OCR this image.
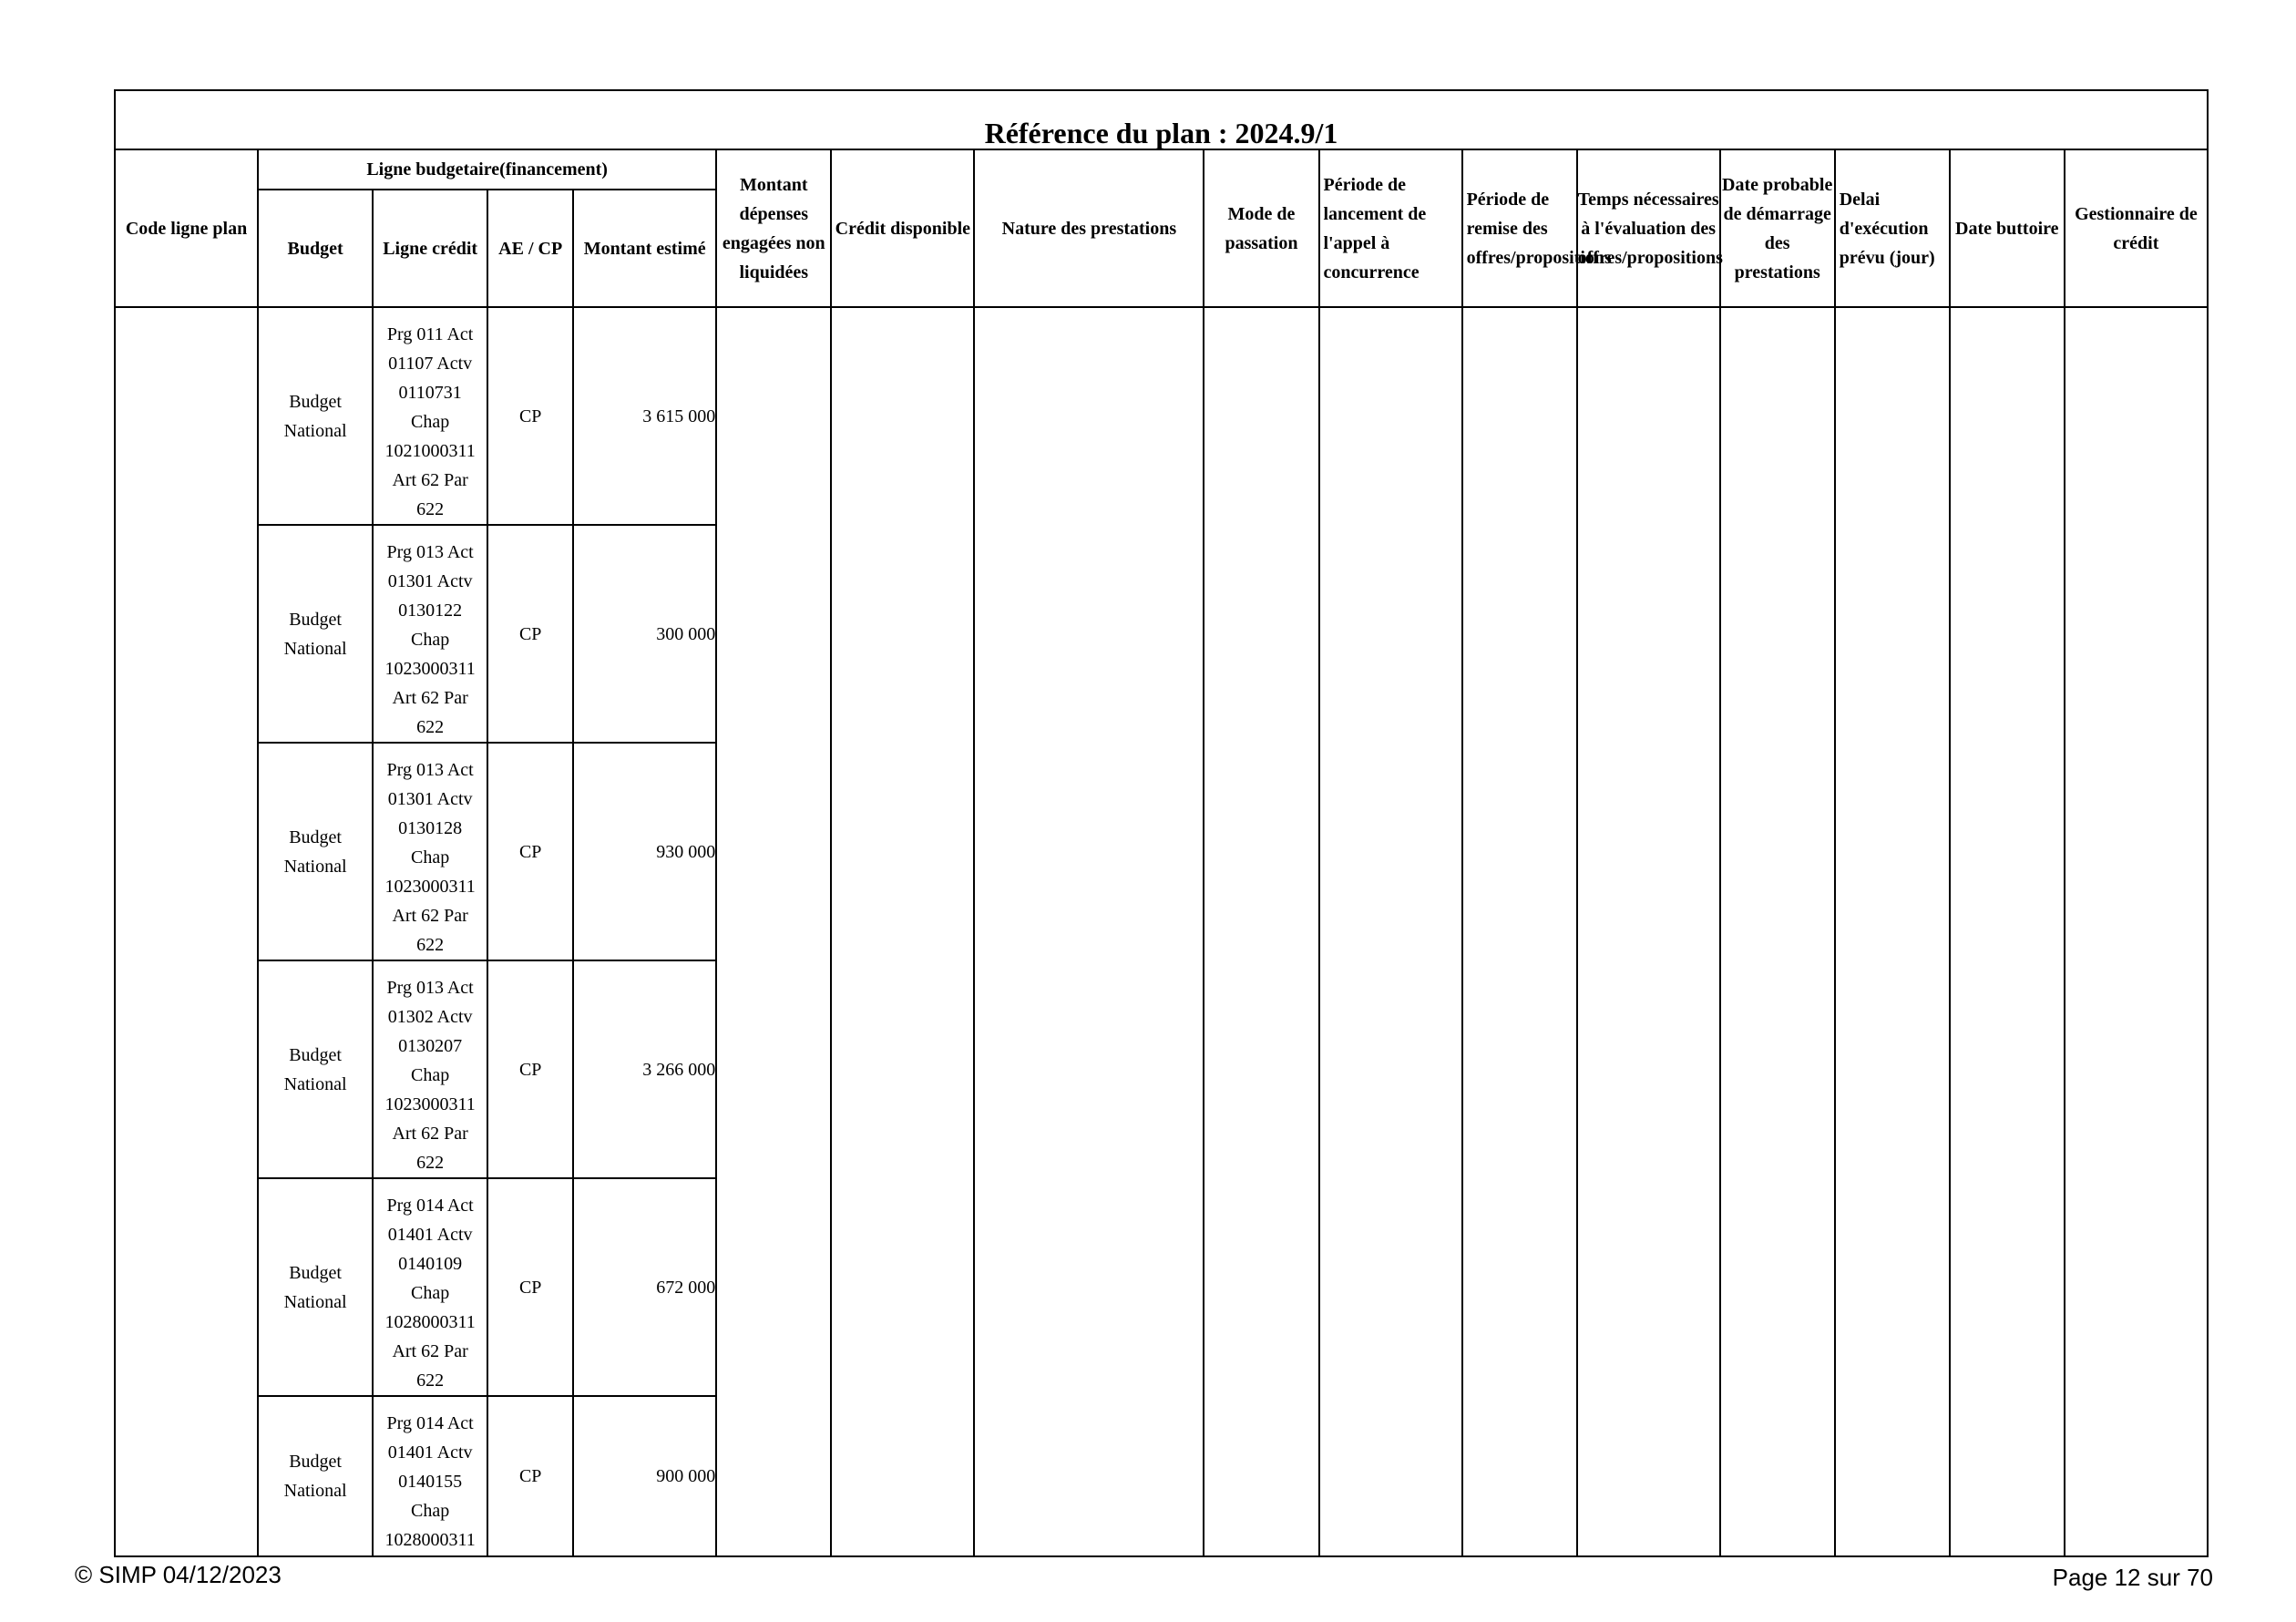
Référence du plan : 2024.9/1															
Code ligne plan	Ligne budgetaire(financement)				Montant dépenses engagées non liquidées	Crédit disponible	Nature des prestations	Mode de passation	Période de lancement de l'appel à concurrence	Période de remise des offres/propositions	Temps nécessaires à l'évaluation des offres/propositions	Date probable de démarrage des prestations	Delai d'exécution prévu (jour)	Date buttoire	Gestionnaire de crédit
	Budget	Ligne crédit	AE / CP	Montant estimé											
	Budget National	Prg 011 Act 01107 Actv 0110731 Chap 1021000311 Art 62 Par 622	CP	3 615 000											
	Budget National	Prg 013 Act 01301 Actv 0130122 Chap 1023000311 Art 62 Par 622	CP	300 000											
	Budget National	Prg 013 Act 01301 Actv 0130128 Chap 1023000311 Art 62 Par 622	CP	930 000											
	Budget National	Prg 013 Act 01302 Actv 0130207 Chap 1023000311 Art 62 Par 622	CP	3 266 000											
	Budget National	Prg 014 Act 01401 Actv 0140109 Chap 1028000311 Art 62 Par 622	CP	672 000											
	Budget National	Prg 014 Act 01401 Actv 0140155 Chap 1028000311	CP	900 000											
© SIMP 04/12/2023	Page 12 sur 70
